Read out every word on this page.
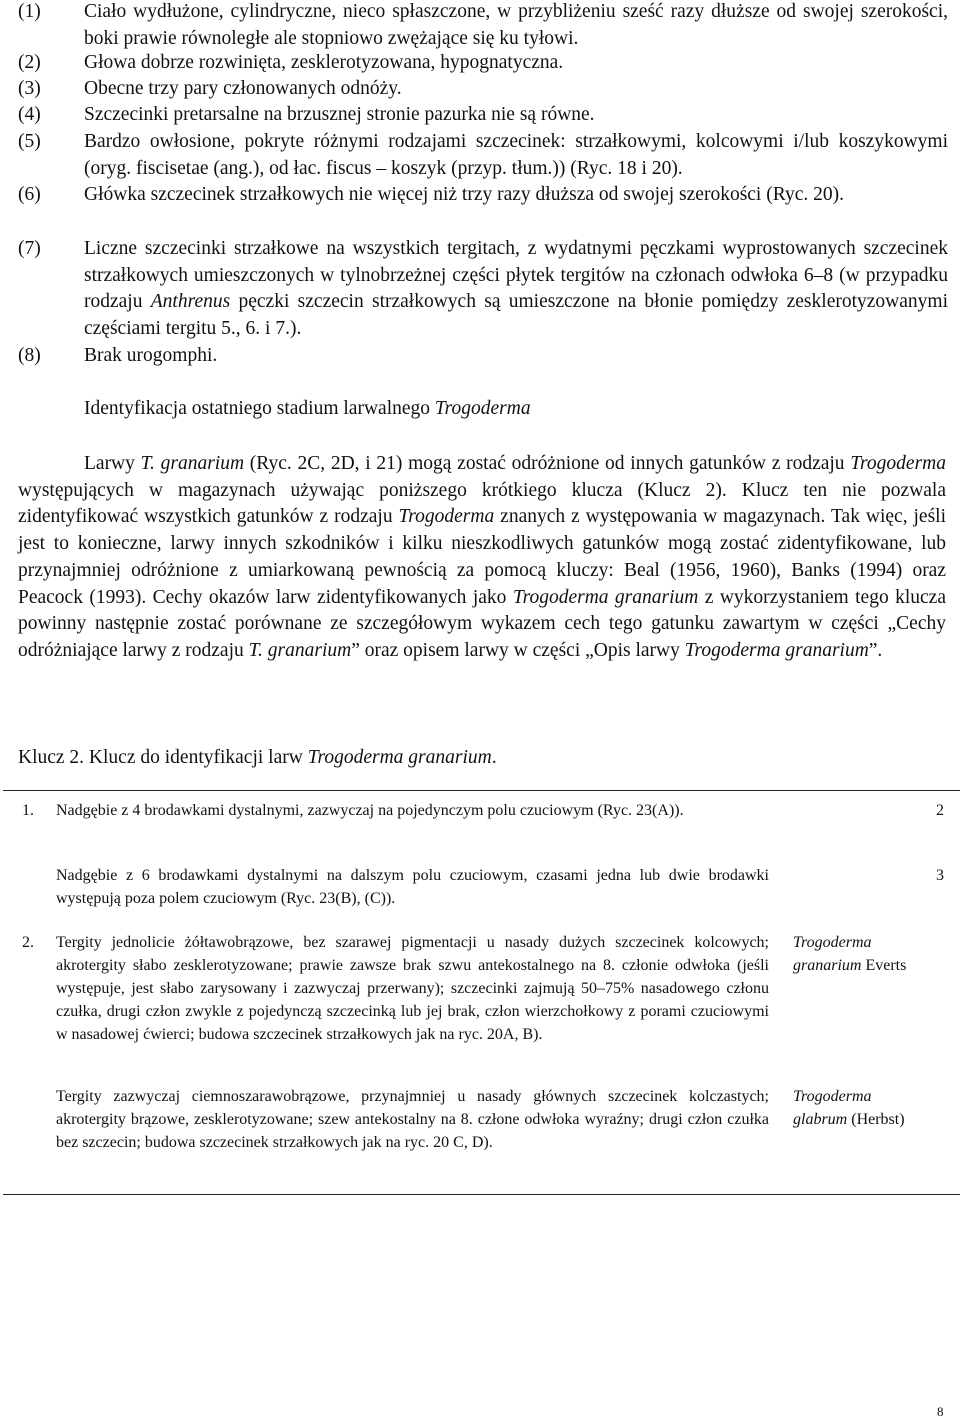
(1) Ciało wydłużone, cylindryczne, nieco spłaszczone, w przybliżeniu sześć razy dłuższe od swojej szerokości, boki prawie równoległe ale stopniowo zwężające się ku tyłowi.
(2) Głowa dobrze rozwinięta, zesklerotyzowana, hypognatyczna.
(3) Obecne trzy pary członowanych odnóży.
(4) Szczecinki pretarsalne na brzusznej stronie pazurka nie są równe.
(5) Bardzo owłosione, pokryte różnymi rodzajami szczecinek: strzałkowymi, kolcowymi i/lub koszykowymi (oryg. fiscisetae (ang.), od łac. fiscus – koszyk (przyp. tłum.)) (Ryc. 18 i 20).
(6) Główka szczecinek strzałkowych nie więcej niż trzy razy dłuższa od swojej szerokości (Ryc. 20).
(7) Liczne szczecinki strzałkowe na wszystkich tergitach, z wydatnymi pęczkami wyprostowanych szczecinek strzałkowych umieszczonych w tylnobrzeżnej części płytek tergitów na członach odwłoka 6–8 (w przypadku rodzaju Anthrenus pęczki szczecin strzałkowych są umieszczone na błonie pomiędzy zesklerotyzowanymi częściami tergitu 5., 6. i 7.).
(8) Brak urogomphi.
Identyfikacja ostatniego stadium larwalnego Trogoderma
Larwy T. granarium (Ryc. 2C, 2D, i 21) mogą zostać odróżnione od innych gatunków z rodzaju Trogoderma występujących w magazynach używając poniższego krótkiego klucza (Klucz 2). Klucz ten nie pozwala zidentyfikować wszystkich gatunków z rodzaju Trogoderma znanych z występowania w magazynach. Tak więc, jeśli jest to konieczne, larwy innych szkodników i kilku nieszkodliwych gatunków mogą zostać zidentyfikowane, lub przynajmniej odróżnione z umiarkowaną pewnością za pomocą kluczy: Beal (1956, 1960), Banks (1994) oraz Peacock (1993). Cechy okazów larw zidentyfikowanych jako Trogoderma granarium z wykorzystaniem tego klucza powinny następnie zostać porównane ze szczegółowym wykazem cech tego gatunku zawartym w części „Cechy odróżniające larwy z rodzaju T. granarium” oraz opisem larwy w części „Opis larwy Trogoderma granarium”.
Klucz 2. Klucz do identyfikacji larw Trogoderma granarium.
1. Nadgębie z 4 brodawkami dystalnymi, zazwyczaj na pojedynczym polu czuciowym (Ryc. 23(A)).	2
Nadgębie z 6 brodawkami dystalnymi na dalszym polu czuciowym, czasami jedna lub dwie brodawki występują poza polem czuciowym (Ryc. 23(B), (C)).
3
2. Tergity jednolicie żółtawobrązowe, bez szarawej pigmentacji u nasady dużych szczecinek kolcowych; akrotergity słabo zesklerotyzowane; prawie zawsze brak szwu antekostalnego na 8. członie odwłoka (jeśli występuje, jest słabo zarysowany i zazwyczaj przerwany); szczecinki zajmują 50–75% nasadowego członu czułka, drugi człon zwykle z pojedynczą szczecinką lub jej brak, człon wierzchołkowy z porami czuciowymi w nasadowej ćwierci; budowa szczecinek strzałkowych jak na ryc. 20A, B).
Trogoderma
granarium Everts
Tergity zazwyczaj ciemnoszarawobrązowe, przynajmniej u nasady głównych szczecinek kolczastych; akrotergity brązowe, zesklerotyzowane; szew antekostalny na 8. człone odwłoka wyraźny; drugi człon czułka bez szczecin; budowa szczecinek strzałkowych jak na ryc. 20 C, D).
Trogoderma
glabrum (Herbst)
8
